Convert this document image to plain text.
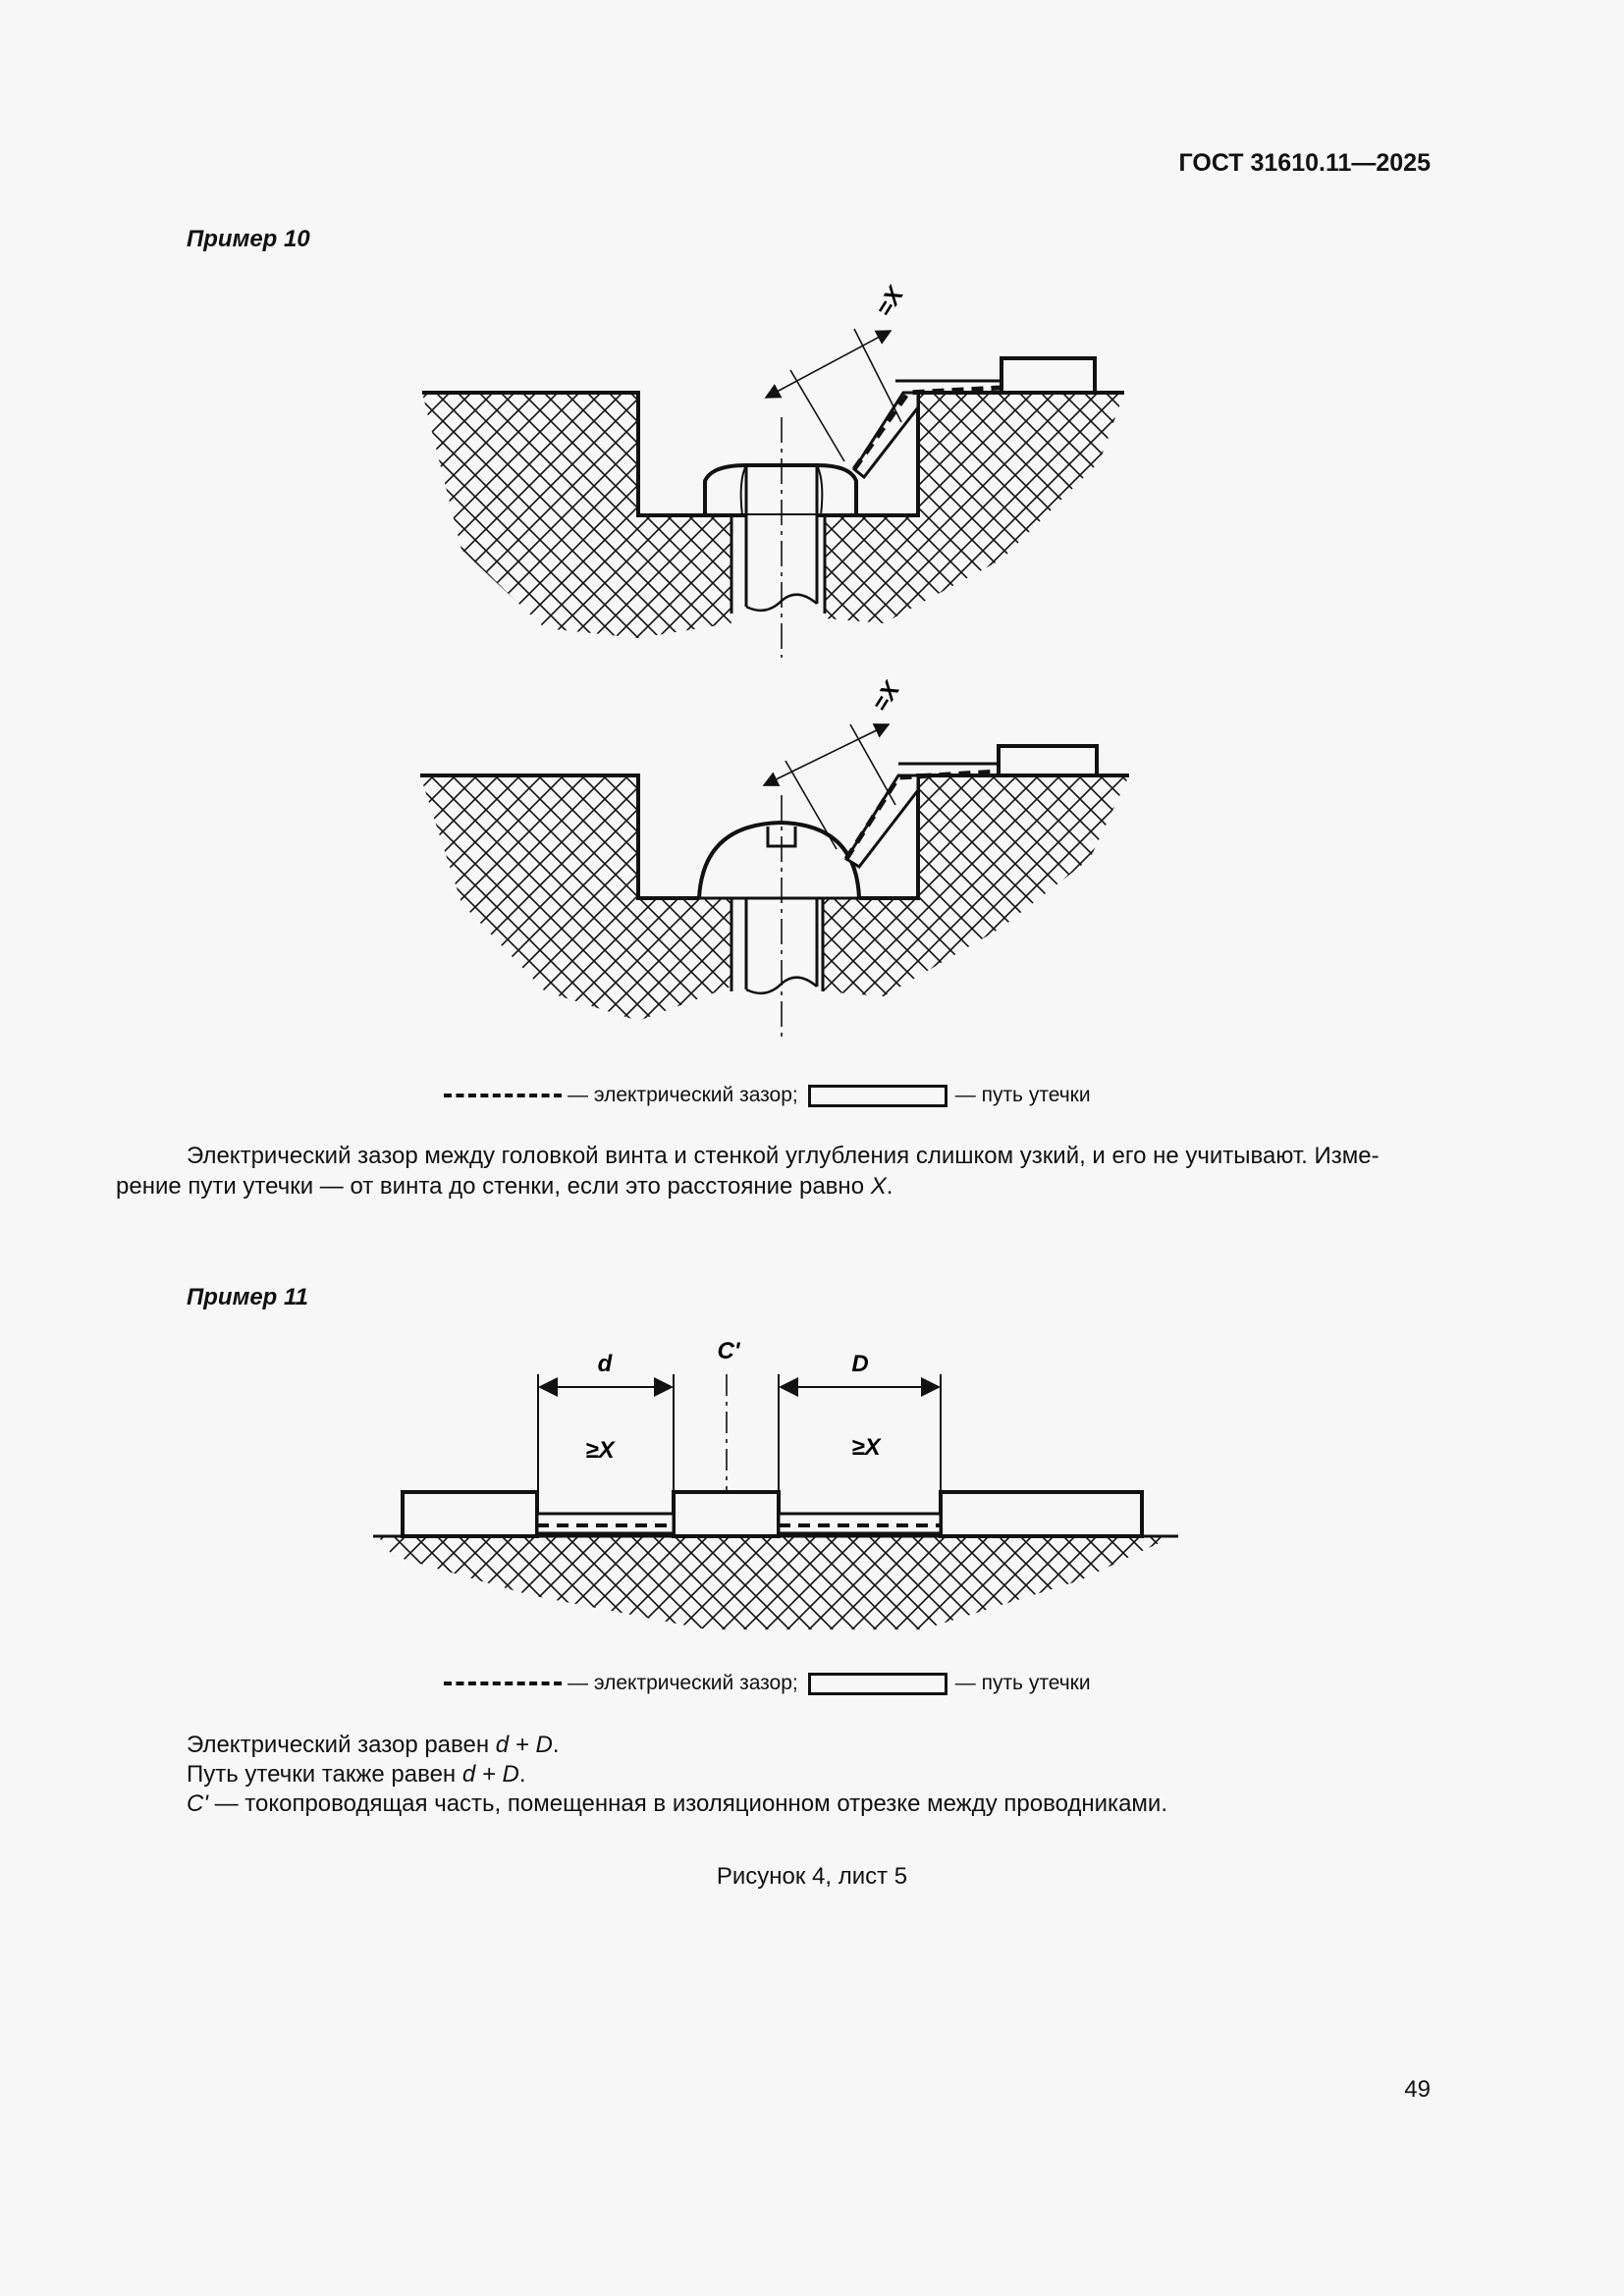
ГОСТ 31610.11—2025
Пример 10
=X
=X
— электрический зазор;	— путь утечки
Электрический зазор между головкой винта и стенкой углубления слишком узкий, и его не учитывают. Изме-
рение пути утечки — от винта до стенки, если это расстояние равно X.
Пример 11
d	C'	D
≥X	≥X
— электрический зазор;	— путь утечки
Электрический зазор равен d + D.
Путь утечки также равен d + D.
C' — токопроводящая часть, помещенная в изоляционном отрезке между проводниками.
Рисунок 4, лист 5
49
